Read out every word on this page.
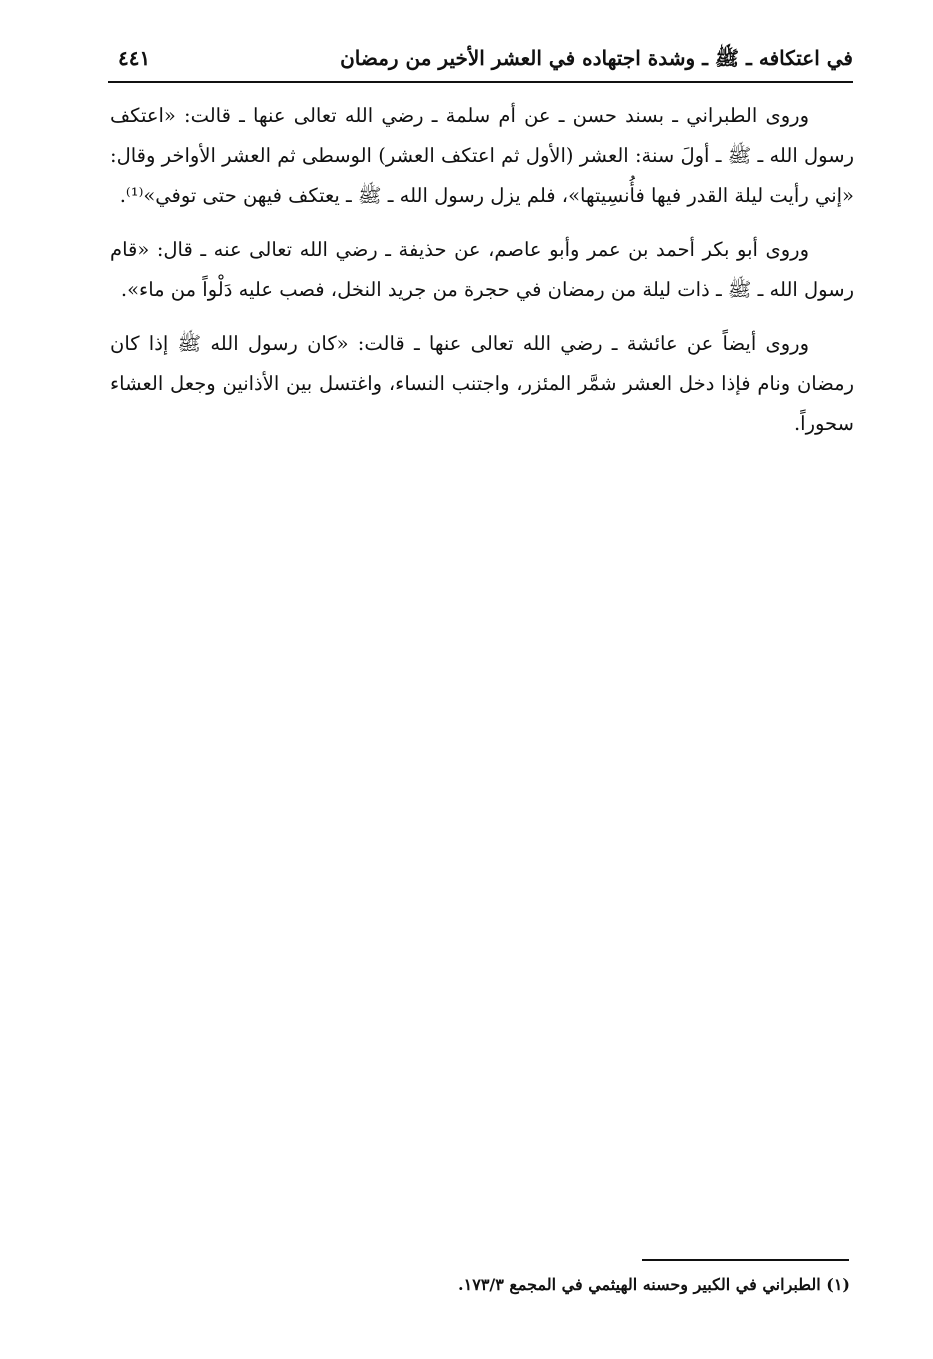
في اعتكافه ـ ﷺ ـ وشدة اجتهاده في العشر الأخير من رمضان
٤٤١

وروى الطبراني ـ بسند حسن ـ عن أم سلمة ـ رضي الله تعالى عنها ـ قالت: «اعتكف رسول الله ـ ﷺ ـ أولَ سنة: العشر (الأول ثم اعتكف العشر) الوسطى ثم العشر الأواخر وقال: «إني رأيت ليلة القدر فيها فأُنسِيتها»، فلم يزل رسول الله ـ ﷺ ـ يعتكف فيهن حتى توفي»⁽¹⁾.

وروى أبو بكر أحمد بن عمر وأبو عاصم، عن حذيفة ـ رضي الله تعالى عنه ـ قال: «قام رسول الله ـ ﷺ ـ ذات ليلة من رمضان في حجرة من جريد النخل، فصب عليه دَلْواً من ماء».

وروى أيضاً عن عائشة ـ رضي الله تعالى عنها ـ قالت: «كان رسول الله ﷺ إذا كان رمضان ونام فإذا دخل العشر شمَّر المئزر، واجتنب النساء، واغتسل بين الأذانين وجعل العشاء سحوراً.

(١) الطبراني في الكبير وحسنه الهيثمي في المجمع ١٧٣/٣.
